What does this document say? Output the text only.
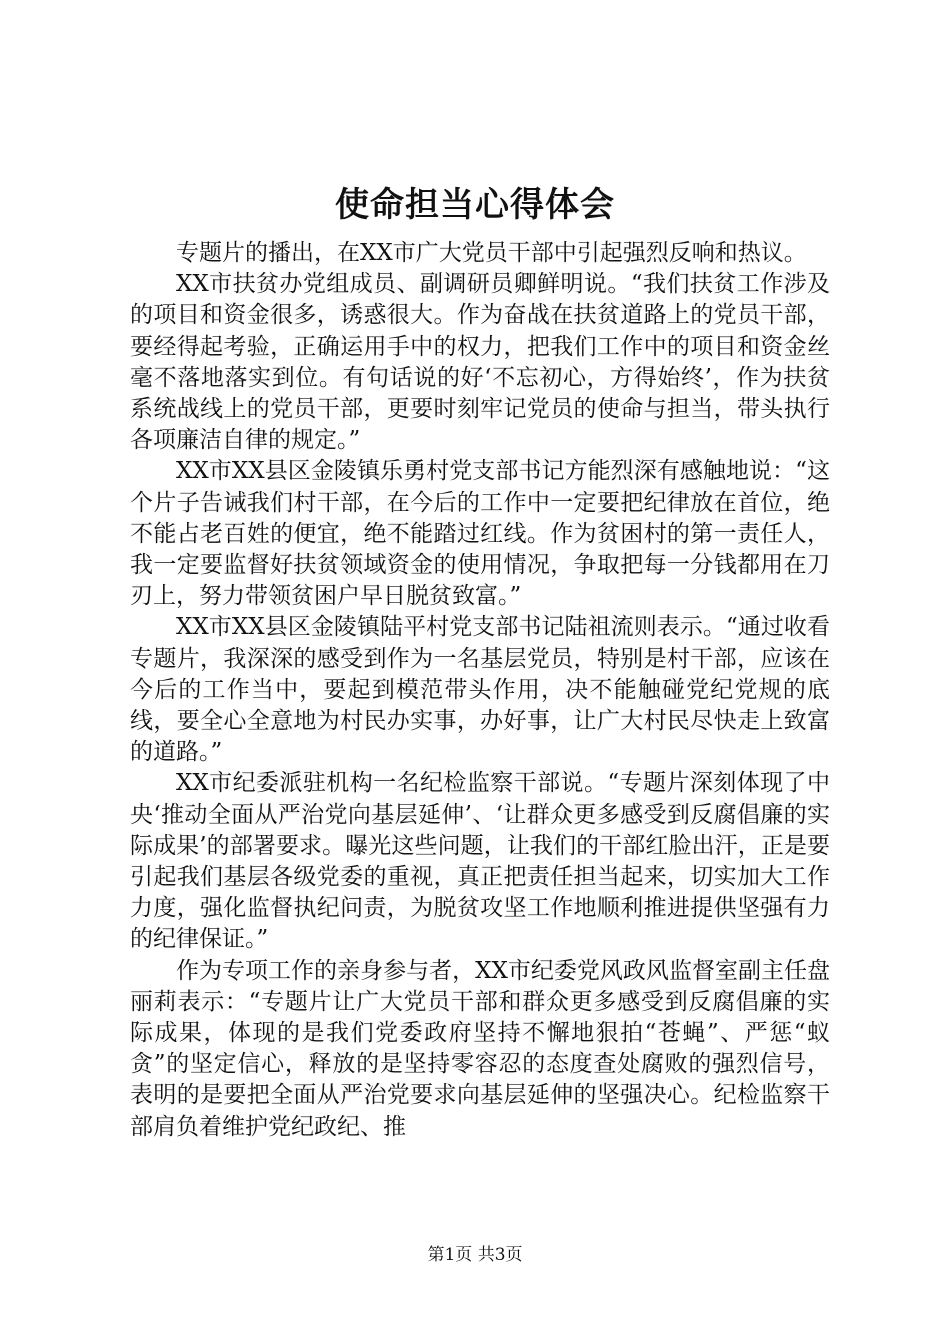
使命担当心得体会

专题片的播出，在XX市广大党员干部中引起强烈反响和热议。

XX市扶贫办党组成员、副调研员卿鲜明说。“我们扶贫工作涉及的项目和资金很多，诱惑很大。作为奋战在扶贫道路上的党员干部，要经得起考验，正确运用手中的权力，把我们工作中的项目和资金丝毫不落地落实到位。有句话说的好‘不忘初心，方得始终’，作为扶贫系统战线上的党员干部，更要时刻牢记党员的使命与担当，带头执行各项廉洁自律的规定。”

XX市XX县区金陵镇乐勇村党支部书记方能烈深有感触地说：“这个片子告诫我们村干部，在今后的工作中一定要把纪律放在首位，绝不能占老百姓的便宜，绝不能踏过红线。作为贫困村的第一责任人，我一定要监督好扶贫领域资金的使用情况，争取把每一分钱都用在刀刃上，努力带领贫困户早日脱贫致富。”

XX市XX县区金陵镇陆平村党支部书记陆祖流则表示。“通过收看专题片，我深深的感受到作为一名基层党员，特别是村干部，应该在今后的工作当中，要起到模范带头作用，决不能触碰党纪党规的底线，要全心全意地为村民办实事，办好事，让广大村民尽快走上致富的道路。”

XX市纪委派驻机构一名纪检监察干部说。“专题片深刻体现了中央‘推动全面从严治党向基层延伸’、‘让群众更多感受到反腐倡廉的实际成果’的部署要求。曝光这些问题，让我们的干部红脸出汗，正是要引起我们基层各级党委的重视，真正把责任担当起来，切实加大工作力度，强化监督执纪问责，为脱贫攻坚工作地顺利推进提供坚强有力的纪律保证。”

作为专项工作的亲身参与者，XX市纪委党风政风监督室副主任盘丽莉表示：“专题片让广大党员干部和群众更多感受到反腐倡廉的实际成果，体现的是我们党委政府坚持不懈地狠拍“苍蝇”、严惩“蚁贪”的坚定信心，释放的是坚持零容忍的态度查处腐败的强烈信号，表明的是要把全面从严治党要求向基层延伸的坚强决心。纪检监察干部肩负着维护党纪政纪、推

第1页 共3页
